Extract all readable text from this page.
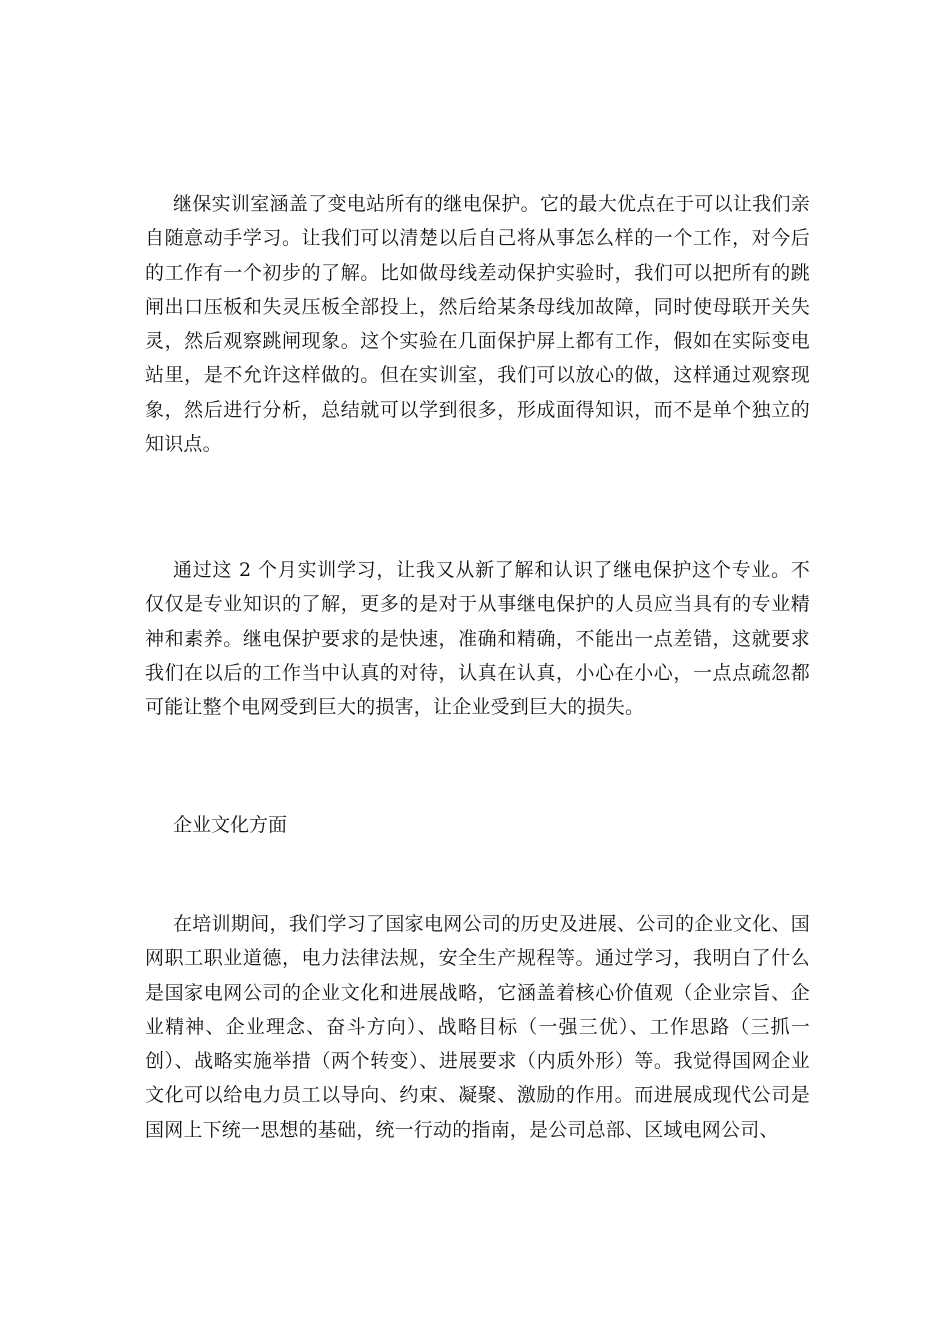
继保实训室涵盖了变电站所有的继电保护。它的最大优点在于可以让我们亲自随意动手学习。让我们可以清楚以后自己将从事怎么样的一个工作，对今后的工作有一个初步的了解。比如做母线差动保护实验时，我们可以把所有的跳闸出口压板和失灵压板全部投上，然后给某条母线加故障，同时使母联开关失灵，然后观察跳闸现象。这个实验在几面保护屏上都有工作，假如在实际变电站里，是不允许这样做的。但在实训室，我们可以放心的做，这样通过观察现象，然后进行分析，总结就可以学到很多，形成面得知识，而不是单个独立的知识点。

通过这 2 个月实训学习，让我又从新了解和认识了继电保护这个专业。不仅仅是专业知识的了解，更多的是对于从事继电保护的人员应当具有的专业精神和素养。继电保护要求的是快速，准确和精确，不能出一点差错，这就要求我们在以后的工作当中认真的对待，认真在认真，小心在小心，一点点疏忽都可能让整个电网受到巨大的损害，让企业受到巨大的损失。

企业文化方面

在培训期间，我们学习了国家电网公司的历史及进展、公司的企业文化、国网职工职业道德，电力法律法规，安全生产规程等。通过学习，我明白了什么是国家电网公司的企业文化和进展战略，它涵盖着核心价值观（企业宗旨、企业精神、企业理念、奋斗方向）、战略目标（一强三优）、工作思路（三抓一创）、战略实施举措（两个转变）、进展要求（内质外形）等。我觉得国网企业文化可以给电力员工以导向、约束、凝聚、激励的作用。而进展成现代公司是国网上下统一思想的基础，统一行动的指南，是公司总部、区域电网公司、
